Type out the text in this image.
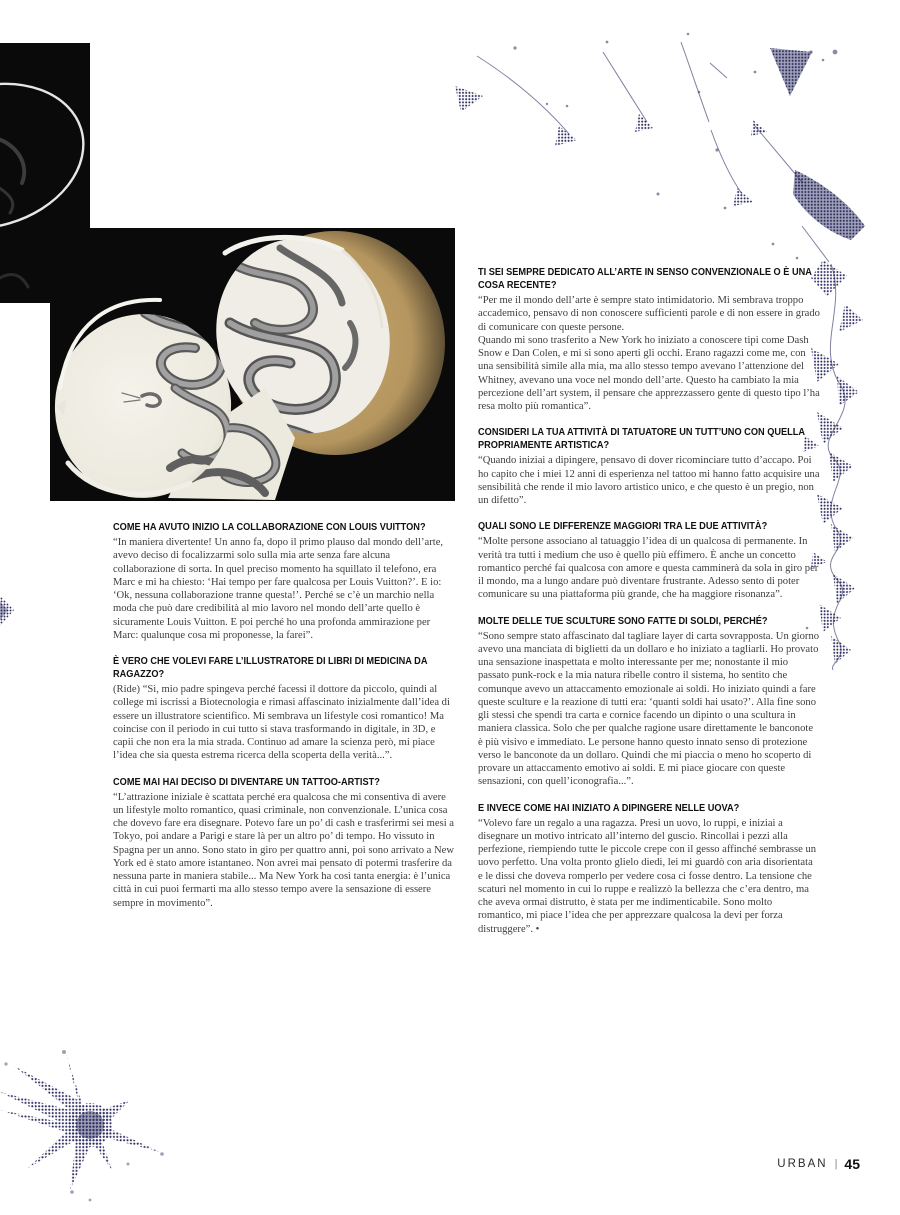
COME HA AVUTO INIZIO LA COLLABORAZIONE CON LOUIS VUITTON?

“In maniera divertente! Un anno fa, dopo il primo plauso dal mondo dell’arte, avevo deciso di focalizzarmi solo sulla mia arte senza fare alcuna collaborazione di sorta. In quel preciso momento ha squillato il telefono, era Marc e mi ha chiesto: ‘Hai tempo per fare qualcosa per Louis Vuitton?’. E io: ‘Ok, nessuna collaborazione tranne questa!’. Perché se c’è un marchio nella moda che può dare credibilità al mio lavoro nel mondo dell’arte quello è sicuramente Louis Vuitton. E poi perché ho una profonda ammirazione per Marc: qualunque cosa mi proponesse, la farei”.

È VERO CHE VOLEVI FARE L’ILLUSTRATORE DI LIBRI DI MEDICINA DA RAGAZZO?

(Ride) “Sì, mio padre spingeva perché facessi il dottore da piccolo, quindi al college mi iscrissi a Biotecnologia e rimasi affascinato inizialmente dall’idea di essere un illustratore scientifico. Mi sembrava un lifestyle così romantico! Ma coincise con il periodo in cui tutto si stava trasformando in digitale, in 3D, e capii che non era la mia strada. Continuo ad amare la scienza però, mi piace l’idea che sia questa estrema ricerca della scoperta della verità...”.

COME MAI HAI DECISO DI DIVENTARE UN TATTOO-ARTIST?

“L’attrazione iniziale è scattata perché era qualcosa che mi consentiva di avere un lifestyle molto romantico, quasi criminale, non convenzionale. L’unica cosa che dovevo fare era disegnare. Potevo fare un po’ di cash e trasferirmi sei mesi a Tokyo, poi andare a Parigi e stare là per un altro po’ di tempo. Ho vissuto in Spagna per un anno. Sono stato in giro per quattro anni, poi sono arrivato a New York ed è stato amore istantaneo. Non avrei mai pensato di potermi trasferire da nessuna parte in maniera stabile... Ma New York ha così tanta energia: è l’unica città in cui puoi fermarti ma allo stesso tempo avere la sensazione di essere sempre in movimento”.

TI SEI SEMPRE DEDICATO ALL’ARTE IN SENSO CONVENZIONALE O È UNA COSA RECENTE?

“Per me il mondo dell’arte è sempre stato intimidatorio. Mi sembrava troppo accademico, pensavo di non conoscere sufficienti parole e di non essere in grado di comunicare con queste persone.

Quando mi sono trasferito a New York ho iniziato a conoscere tipi come Dash Snow e Dan Colen, e mi si sono aperti gli occhi. Erano ragazzi come me, con una sensibilità simile alla mia, ma allo stesso tempo avevano l’attenzione del Whitney, avevano una voce nel mondo dell’arte. Questo ha cambiato la mia percezione dell’art system, il pensare che apprezzassero gente di questo tipo l’ha resa molto più romantica”.

CONSIDERI LA TUA ATTIVITÀ DI TATUATORE UN TUTT’UNO CON QUELLA PROPRIAMENTE ARTISTICA?

“Quando iniziai a dipingere, pensavo di dover ricominciare tutto d’accapo. Poi ho capito che i miei 12 anni di esperienza nel tattoo mi hanno fatto acquisire una sensibilità che rende il mio lavoro artistico unico, e che questo è un pregio, non un difetto”.

QUALI SONO LE DIFFERENZE MAGGIORI TRA LE DUE ATTIVITÀ?

“Molte persone associano al tatuaggio l’idea di un qualcosa di permanente. In verità tra tutti i medium che uso è quello più effimero. È anche un concetto romantico perché fai qualcosa con amore e questa camminerà da sola in giro per il mondo, ma a lungo andare può diventare frustrante. Adesso sento di poter comunicare su una piattaforma più grande, che ha maggiore risonanza”.

MOLTE DELLE TUE SCULTURE SONO FATTE DI SOLDI, PERCHÉ?

“Sono sempre stato affascinato dal tagliare layer di carta sovrapposta. Un giorno avevo una manciata di biglietti da un dollaro e ho iniziato a tagliarli. Ho provato una sensazione inaspettata e molto interessante per me; nonostante il mio passato punk-rock e la mia natura ribelle contro il sistema, ho sentito che comunque avevo un attaccamento emozionale ai soldi. Ho iniziato quindi a fare queste sculture e la reazione di tutti era: ‘quanti soldi hai usato?’. Alla fine sono gli stessi che spendi tra carta e cornice facendo un dipinto o una scultura in maniera classica. Solo che per qualche ragione usare direttamente le banconote è più visivo e immediato. Le persone hanno questo innato senso di protezione verso le banconote da un dollaro. Quindi che mi piaccia o meno ho scoperto di provare un attaccamento emotivo ai soldi. E mi piace giocare con queste sensazioni, con quell’iconografia...”.

E INVECE COME HAI INIZIATO A DIPINGERE NELLE UOVA?

“Volevo fare un regalo a una ragazza. Presi un uovo, lo ruppi, e iniziai a disegnare un motivo intricato all’interno del guscio. Rincollai i pezzi alla perfezione, riempiendo tutte le piccole crepe con il gesso affinché sembrasse un uovo perfetto. Una volta pronto glielo diedi, lei mi guardò con aria disorientata e le dissi che doveva romperlo per vedere cosa ci fosse dentro. La tensione che scaturì nel momento in cui lo ruppe e realizzò la bellezza che c’era dentro, ma che aveva ormai distrutto, è stata per me indimenticabile. Sono molto romantico, mi piace l’idea che per apprezzare qualcosa la devi per forza distruggere”. •

URBAN | 45
